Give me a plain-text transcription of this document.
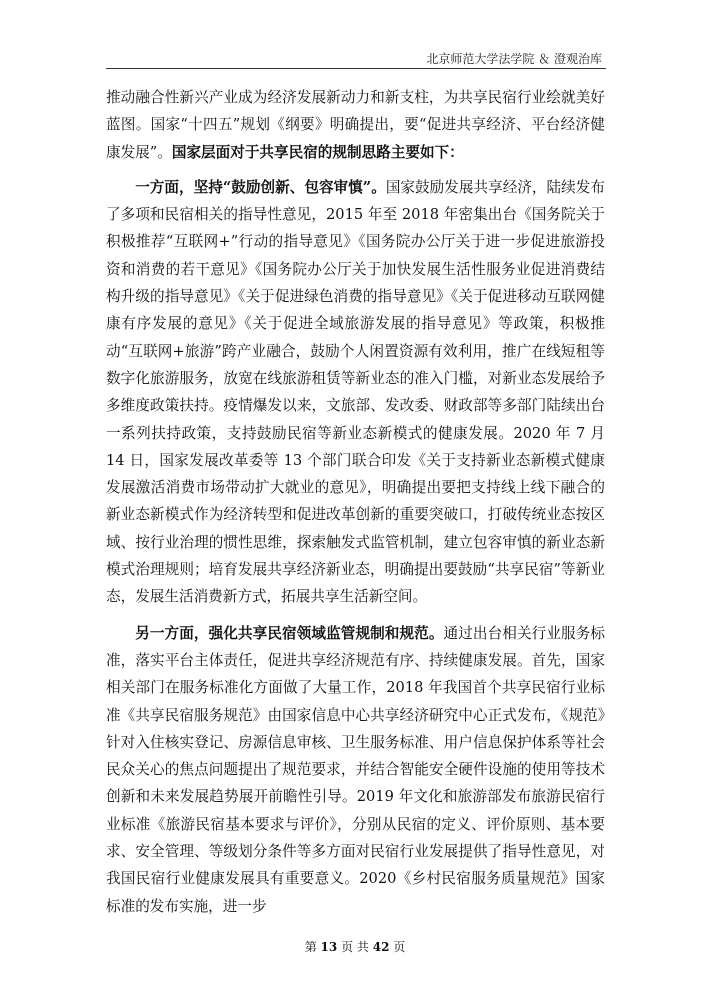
北京师范大学法学院 ＆ 澄观治库

推动融合性新兴产业成为经济发展新动力和新支柱，为共享民宿行业绘就美好蓝图。国家“十四五”规划《纲要》明确提出，要“促进共享经济、平台经济健康发展”。国家层面对于共享民宿的规制思路主要如下：

一方面，坚持“鼓励创新、包容审慎”。国家鼓励发展共享经济，陆续发布了多项和民宿相关的指导性意见，2015 年至 2018 年密集出台《国务院关于积极推荐“互联网+”行动的指导意见》《国务院办公厅关于进一步促进旅游投资和消费的若干意见》《国务院办公厅关于加快发展生活性服务业促进消费结构升级的指导意见》《关于促进绿色消费的指导意见》《关于促进移动互联网健康有序发展的意见》《关于促进全域旅游发展的指导意见》等政策，积极推动“互联网+旅游”跨产业融合，鼓励个人闲置资源有效利用，推广在线短租等数字化旅游服务，放宽在线旅游租赁等新业态的准入门槛，对新业态发展给予多维度政策扶持。疫情爆发以来，文旅部、发改委、财政部等多部门陆续出台一系列扶持政策，支持鼓励民宿等新业态新模式的健康发展。2020 年 7 月 14 日，国家发展改革委等 13 个部门联合印发《关于支持新业态新模式健康发展激活消费市场带动扩大就业的意见》，明确提出要把支持线上线下融合的新业态新模式作为经济转型和促进改革创新的重要突破口，打破传统业态按区域、按行业治理的惯性思维，探索触发式监管机制，建立包容审慎的新业态新模式治理规则；培育发展共享经济新业态，明确提出要鼓励“共享民宿”等新业态，发展生活消费新方式，拓展共享生活新空间。

另一方面，强化共享民宿领域监管规制和规范。通过出台相关行业服务标准，落实平台主体责任，促进共享经济规范有序、持续健康发展。首先，国家相关部门在服务标准化方面做了大量工作，2018 年我国首个共享民宿行业标准《共享民宿服务规范》由国家信息中心共享经济研究中心正式发布，《规范》针对入住核实登记、房源信息审核、卫生服务标准、用户信息保护体系等社会民众关心的焦点问题提出了规范要求，并结合智能安全硬件设施的使用等技术创新和未来发展趋势展开前瞻性引导。2019 年文化和旅游部发布旅游民宿行业标准《旅游民宿基本要求与评价》，分别从民宿的定义、评价原则、基本要求、安全管理、等级划分条件等多方面对民宿行业发展提供了指导性意见，对我国民宿行业健康发展具有重要意义。2020《乡村民宿服务质量规范》国家标准的发布实施，进一步

第 13 页 共 42 页
